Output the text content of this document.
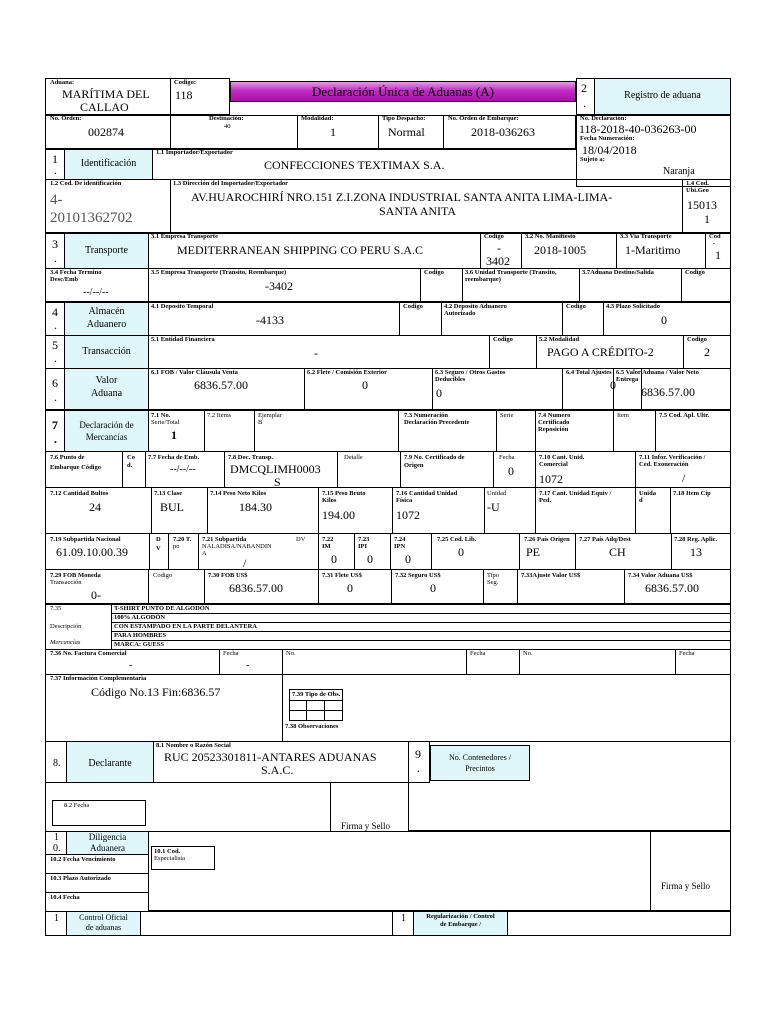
Aduana:
MARÍTIMA DEL
CALLAO
Codigo:
118	Declaración Única de Aduanas (A)	2
.
Registro de aduana
No. Orden:
002874
Destinación:
40
Modalidad:
1
Tipo Despacho:
Normal
No. Orden de Embarque:
2018-036263
No. Declaración:
118-2018-40-036263-00
Fecha Numeración:
18/04/2018
Sujeto a:
Naranja
1
.	Identificación
1.1 Importador/Exportador
CONFECCIONES TEXTIMAX S.A.
1.2 Cod. De identificación
4-
20101362702
1.3 Dirección del Importador/Exportador
AV.HUAROCHIRÍ NRO.151 Z.I.ZONA INDUSTRIAL SANTA ANITA LIMA-LIMA-
SANTA ANITA
1.4 Cod.
Ubi.Geo
15013
1
3
.
Transporte
3.1 Empresa Transporte
MEDITERRANEAN SHIPPING CO PERU S.A.C
Codigo
-
3402
3.2 No. Manifiesto
2018-1005
3.3 Via Transporte
1-Maritimo
Cod
.
1
3.4 Fecha Termino
Desc/Emb
--/--/--
3.5 Empresa Transporte (Transito, Reembarque)
-3402
Codigo	3.6 Unidad Transporte (Transito,
reembarque)
3.7Aduana Destino/Salida	Codigo
4
.
Almacén
Aduanero
4.1 Deposito Temporal
-4133
Codigo	4.2 Deposito Aduanero
Autorizado
Codigo	4.3 Plazo Solicitado
0
5
.	Transacción
5.1 Entidad Financiera
-
Codigo	5.2 Modalidad
PAGO A CRÉDITO-2
Codigo
2
6
.
Valor
Aduana
6.1 FOB / Valor Cláusula Venta
6836.57.00
6.2 Flete / Comisión Exterior
0
6.3 Seguro / Otros Gastos
Deducibles
0
6.4 Total Ajustes
0
6.5 Valor Aduana / Valor Neto
Entrega
6836.57.00
7
.
Declaración de
Mercancías
7.1 No.
Serie/Total
1
7.2 Items	Ejemplar
B
7.3 Numeración
Declaración Precedente
Serie	7.4 Numero
Certificado
Reposición
Item	7.5 Cod. Apl. Ultr.
7.6 Punto de
Embarque Código
Co
d.
7.7 Fecha de Emb.
--/--/--
7.8 Doc. Transp.
DMCQLIMH0003
S
Detalle	7.9 No. Certificado de
Origen
Fecha
0
7.10 Cant. Unid.
Comercial
1072
7.11 Infor. Verificación /
Ced. Exoneración
/
7.12 Cantidad Bultos
24
7.13 Clase
BUL
7.14 Peso Neto Kilos
184.30
7.15 Peso Bruto
Kilos
194.00
7.16 Cantidad Unidad
Física
1072
Unidad
-U
7.17 Cant. Unidad Equiv /
Ped.
Unida
d
7.18 Item Cip
7.19 Subpartida Nacional
61.09.10.00.39
D
V
7.20 T.
po
7.21 Subpartida
NALADISA/NABANDIN
A
/
DV	7.22
IM
0
7.23
IPI
0
7.24
IPN
0
7.25 Cod. Lib.
0
7.26 País Origen
PE
7.27 País Adq/Dest
CH
7.28 Reg. Aplic.
13
7.29 FOB Moneda
Transacción
0-
Codigo	7.30 FOB US$
6836.57.00
7.31 Flete US$
0
7.32 Seguro US$
0
Tipo
Seg.
7.33Ajuste Valor US$	7.34 Valor Aduana US$
6836.57.00
7.35
Descripción
Mercancías
T-SHIRT PUNTO DE ALGODÓN
100% ALGODÓN
CON ESTAMPADO EN LA PARTE DELANTERA
PARA HOMBRES
MARCA: GUESS
7.36 No. Factura Comercial
-
Fecha
-
No.	Fecha	No.	Fecha
7.37 Información Complementaria
Código No.13 Fin:6836.57
7.38 Observaciones
7.39 Tipo de Obs.
8.	Declarante
8.1 Nombre o Razón Social
RUC 20523301811-ANTARES ADUANAS
S.A.C.
9
.
No. Contenedores /
Precintos
8.2 Fecha
Firma y Sello
1
0.
Diligencia
Aduanera	10.1 Cod.
Especialista
10.2 Fecha Vencimiento
10.3 Plazo Autorizado
10.4 Fecha
Firma y Sello
1	Control Oficial
de aduanas
1	Regularización / Control
de Embarque /
